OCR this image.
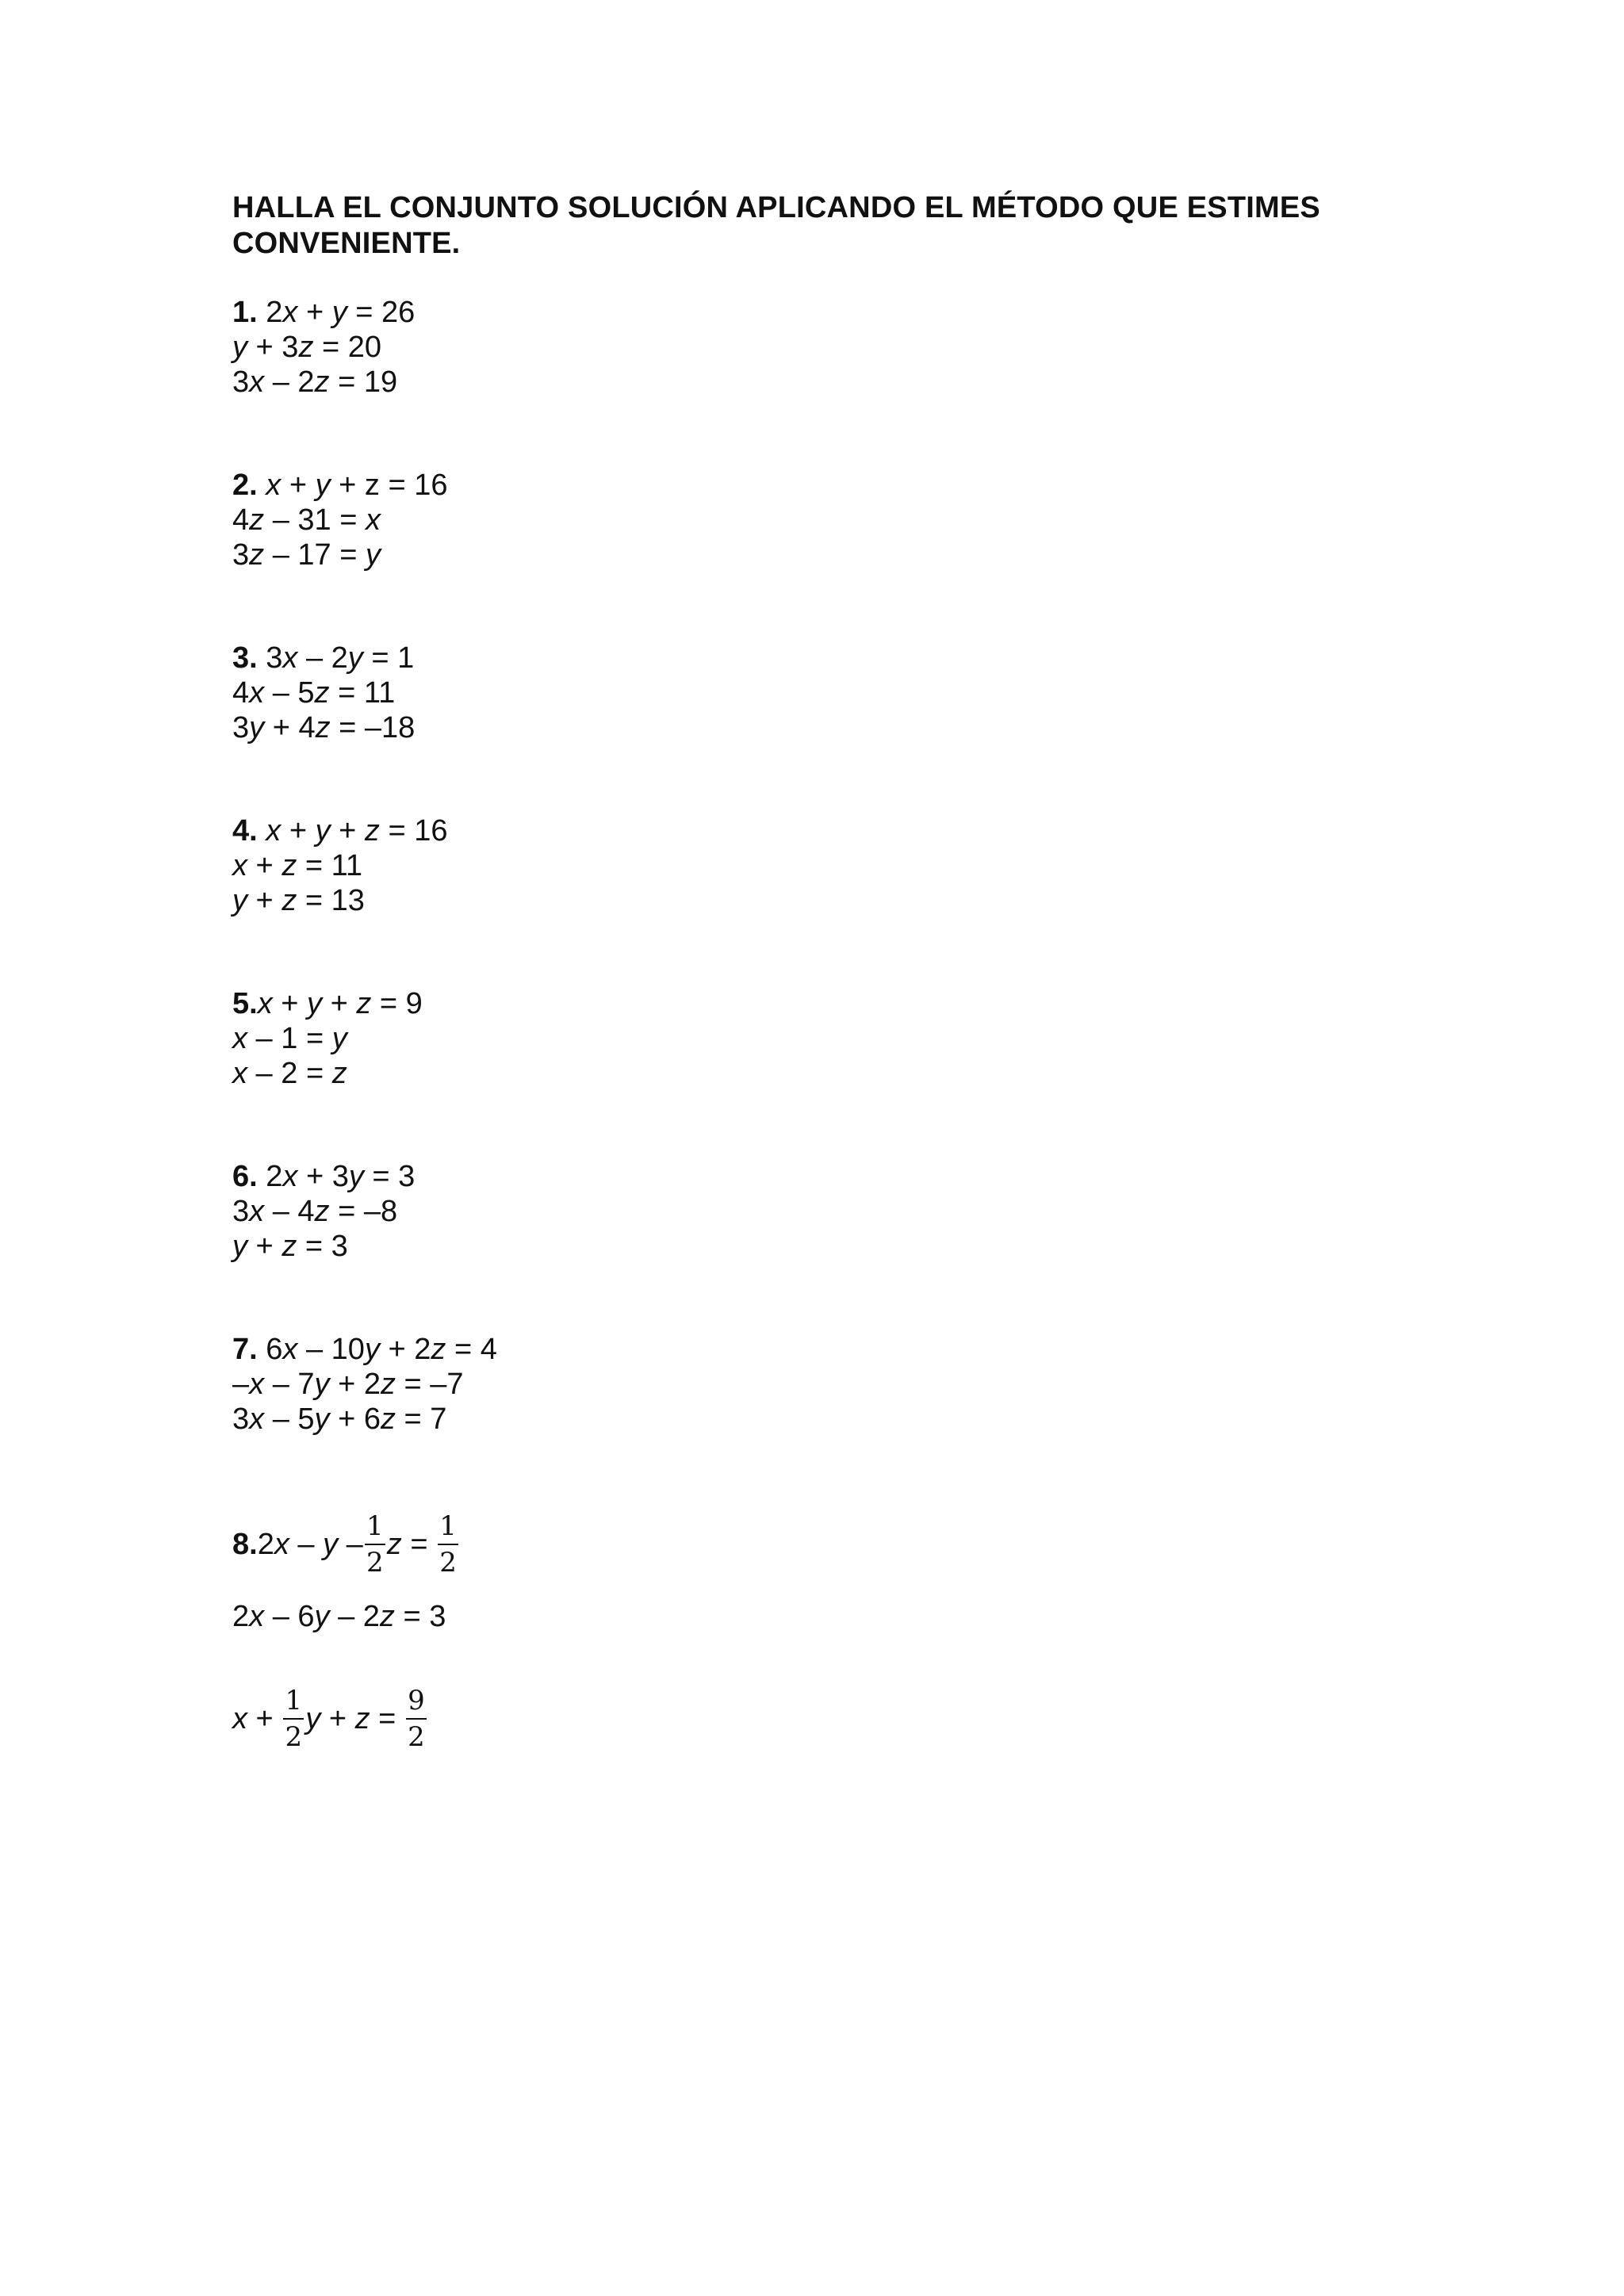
HALLA EL CONJUNTO SOLUCIÓN APLICANDO EL MÉTODO QUE ESTIMES CONVENIENTE.
1. 2x + y = 26
y + 3z = 20
3x – 2z = 19
2. x + y + z = 16
4z – 31 = x
3z – 17 = y
3. 3x – 2y = 1
4x – 5z = 11
3y + 4z = –18
4. x + y + z = 16
x + z = 11
y + z = 13
5.x + y + z = 9
x – 1 = y
x – 2 = z
6. 2x + 3y = 3
3x – 4z = –8
y + z = 3
7. 6x – 10y + 2z = 4
–x – 7y + 2z = –7
3x – 5y + 6z = 7
8. 2 x – y – $\frac{1}{2}$ $z = \frac{1}{2}$
2 x – 6 y – 2 z = 3
$x + \frac{1}{2}$ $y + z = \frac{9}{2}$
